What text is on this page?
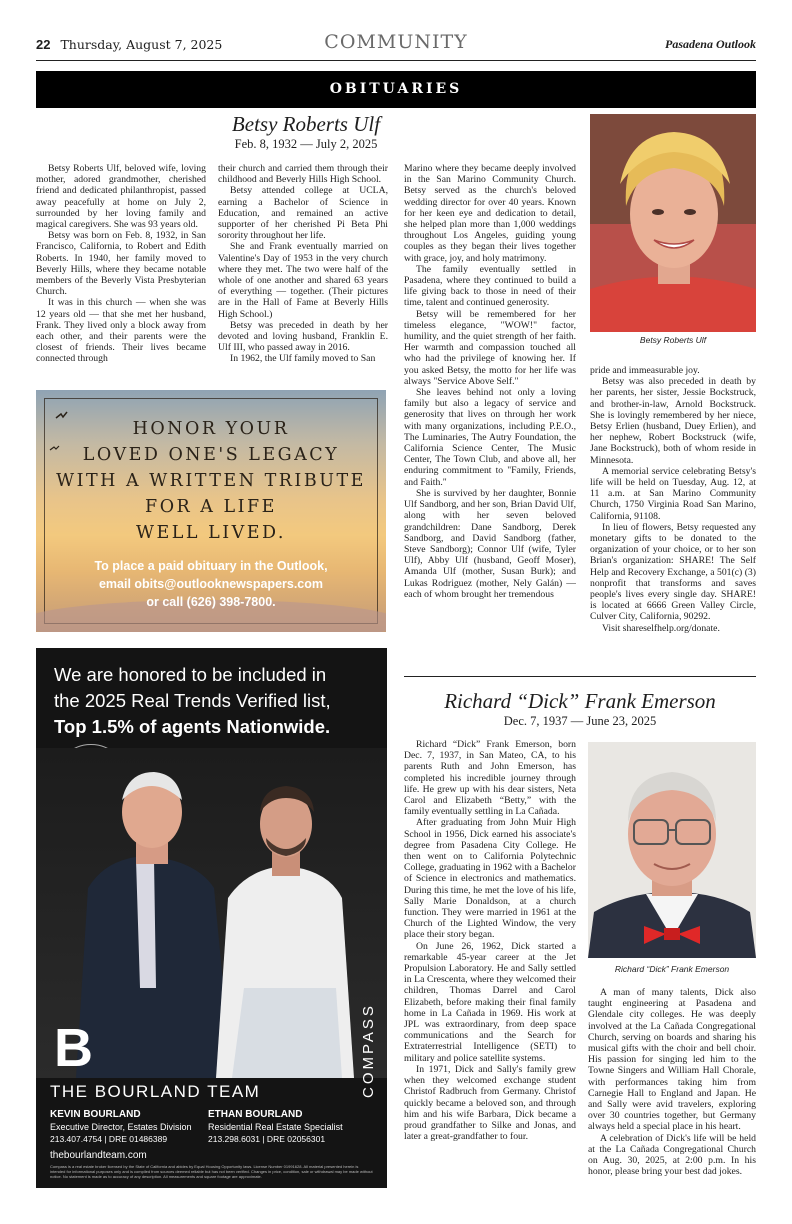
22 Thursday, August 7, 2025	COMMUNITY	Pasadena Outlook
OBITUARIES
Betsy Roberts Ulf
Feb. 8, 1932 — July 2, 2025

Betsy Roberts Ulf, beloved wife, loving mother, adored grandmother, cherished friend and dedicated philanthropist, passed away peacefully at home on July 2, surrounded by her loving family and magical caregivers. She was 93 years old.

Betsy was born on Feb. 8, 1932, in San Francisco, California, to Robert and Edith Roberts. In 1940, her family moved to Beverly Hills, where they became notable members of the Beverly Vista Presbyterian Church.

It was in this church — when she was 12 years old — that she met her husband, Frank. They lived only a block away from each other, and their parents were the closest of friends. Their lives became connected through

their church and carried them through their childhood and Beverly Hills High School.

Betsy attended college at UCLA, earning a Bachelor of Science in Education, and remained an active supporter of her cherished Pi Beta Phi sorority throughout her life.

She and Frank eventually married on Valentine's Day of 1953 in the very church where they met. The two were half of the whole of one another and shared 63 years of everything — together. (Their pictures are in the Hall of Fame at Beverly Hills High School.)

Betsy was preceded in death by her devoted and loving husband, Franklin E. Ulf III, who passed away in 2016.

In 1962, the Ulf family moved to San

Marino where they became deeply involved in the San Marino Community Church. Betsy served as the church's beloved wedding director for over 40 years. Known for her keen eye and dedication to detail, she helped plan more than 1,000 weddings throughout Los Angeles, guiding young couples as they began their lives together with grace, joy, and holy matrimony.

The family eventually settled in Pasadena, where they continued to build a life giving back to those in need of their time, talent and continued generosity.

Betsy will be remembered for her timeless elegance, "WOW!" factor, humility, and the quiet strength of her faith. Her warmth and compassion touched all who had the privilege of knowing her. If you asked Betsy, the motto for her life was always "Service Above Self."

She leaves behind not only a loving family but also a legacy of service and generosity that lives on through her work with many organizations, including P.E.O., The Luminaries, The Autry Foundation, the California Science Center, The Music Center, The Town Club, and above all, her enduring commitment to "Family, Friends, and Faith."

She is survived by her daughter, Bonnie Ulf Sandborg, and her son, Brian David Ulf, along with her seven beloved grandchildren: Dane Sandborg, Derek Sandborg, and David Sandborg (father, Steve Sandborg); Connor Ulf (wife, Tyler Ulf), Abby Ulf (husband, Geoff Moser), Amanda Ulf (mother, Susan Burk); and Lukas Rodriguez (mother, Nely Galán) — each of whom brought her tremendous

Betsy Roberts Ulf

pride and immeasurable joy.

Betsy was also preceded in death by her parents, her sister, Jessie Bockstruck, and brother-in-law, Arnold Bockstruck. She is lovingly remembered by her niece, Betsy Erlien (husband, Duey Erlien), and her nephew, Robert Bockstruck (wife, Jane Bockstruck), both of whom reside in Minnesota.

A memorial service celebrating Betsy's life will be held on Tuesday, Aug. 12, at 11 a.m. at San Marino Community Church, 1750 Virginia Road San Marino, California, 91108.

In lieu of flowers, Betsy requested any monetary gifts to be donated to the organization of your choice, or to her son Brian's organization: SHARE! The Self Help and Recovery Exchange, a 501(c) (3) nonprofit that transforms and saves people's lives every single day. SHARE! is located at 6666 Green Valley Circle, Culver City, California, 90292.

Visit shareselfhelp.org/donate.

HONOR YOUR
LOVED ONE'S LEGACY
WITH A WRITTEN TRIBUTE
FOR A LIFE
WELL LIVED.
To place a paid obituary in the Outlook,
email obits@outlooknewspapers.com
or call (626) 398-7800.
We are honored to be included in
the 2025 Real Trends Verified list,
Top 1.5% of agents Nationwide.
B
THE BOURLAND TEAM
KEVIN BOURLAND
Executive Director, Estates Division
213.407.4754 | DRE 01486389
ETHAN BOURLAND
Residential Real Estate Specialist
213.298.6031 | DRE 02056301
thebourlandteam.com
Compass is a real estate broker licensed by the State of California and abides by Equal Housing Opportunity laws. License Number 01991628. All material presented herein is intended for informational purposes only and is compiled from sources deemed reliable but has not been verified. Changes in price, condition, sale or withdrawal may be made without notice. No statement is made as to accuracy of any description. All measurements and square footage are approximate.
COMPASS
Richard “Dick” Frank Emerson
Dec. 7, 1937 — June 23, 2025

Richard “Dick” Frank Emerson, born Dec. 7, 1937, in San Mateo, CA, to his parents Ruth and John Emerson, has completed his incredible journey through life. He grew up with his dear sisters, Neta Carol and Elizabeth “Betty,” with the family eventually settling in La Cañada.

After graduating from John Muir High School in 1956, Dick earned his associate's degree from Pasadena City College. He then went on to California Polytechnic College, graduating in 1962 with a Bachelor of Science in electronics and mathematics. During this time, he met the love of his life, Sally Marie Donaldson, at a church function. They were married in 1961 at the Church of the Lighted Window, the very place their story began.

On June 26, 1962, Dick started a remarkable 45-year career at the Jet Propulsion Laboratory. He and Sally settled in La Crescenta, where they welcomed their children, Thomas Darrel and Carol Elizabeth, before making their final family home in La Cañada in 1969. His work at JPL was extraordinary, from deep space communications and the Search for Extraterrestrial Intelligence (SETI) to military and police satellite systems.

In 1971, Dick and Sally's family grew when they welcomed exchange student Christof Radbruch from Germany. Christof quickly became a beloved son, and through him and his wife Barbara, Dick became a proud grandfather to Silke and Jonas, and later a great-grandfather to four.

Richard “Dick” Frank Emerson

A man of many talents, Dick also taught engineering at Pasadena and Glendale city colleges. He was deeply involved at the La Cañada Congregational Church, serving on boards and sharing his musical gifts with the choir and bell choir. His passion for singing led him to the Towne Singers and William Hall Chorale, with performances taking him from Carnegie Hall to England and Japan. He and Sally were avid travelers, exploring over 30 countries together, but Germany always held a special place in his heart.

A celebration of Dick's life will be held at the La Cañada Congregational Church on Aug. 30, 2025, at 2:00 p.m. In his honor, please bring your best dad jokes.
